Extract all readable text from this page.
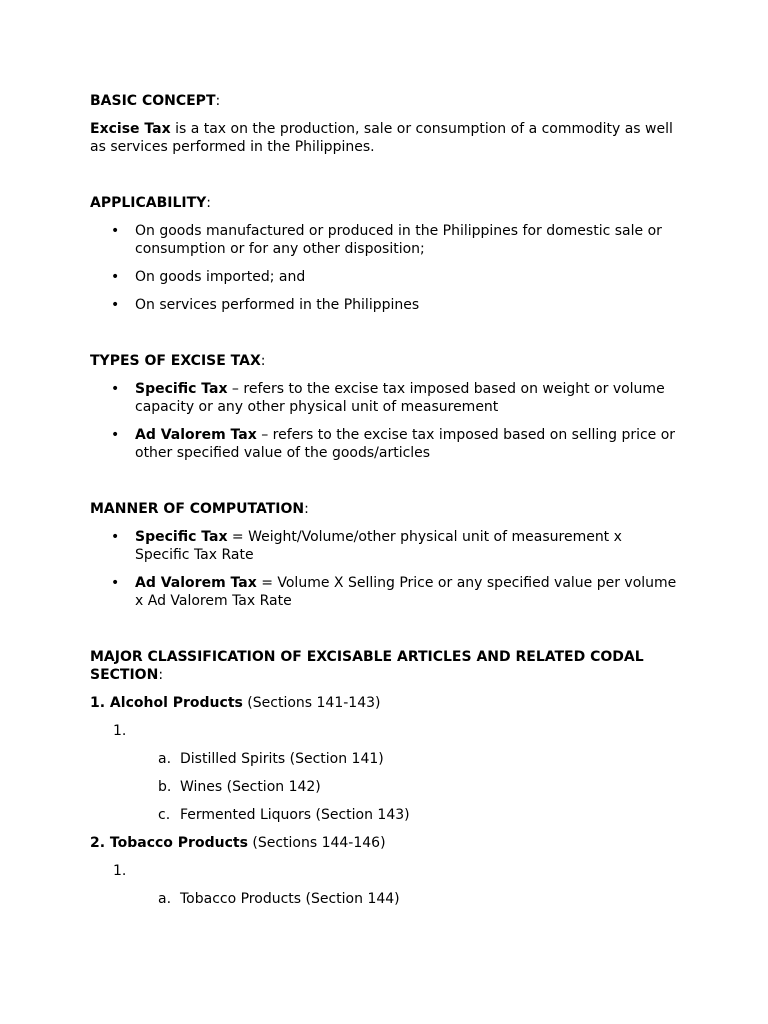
BASIC CONCEPT:

Excise Tax is a tax on the production, sale or consumption of a commodity as well as services performed in the Philippines.

APPLICABILITY:
• On goods manufactured or produced in the Philippines for domestic sale or consumption or for any other disposition;
• On goods imported; and
• On services performed in the Philippines
TYPES OF EXCISE TAX:
• Specific Tax – refers to the excise tax imposed based on weight or volume capacity or any other physical unit of measurement
• Ad Valorem Tax – refers to the excise tax imposed based on selling price or other specified value of the goods/articles
MANNER OF COMPUTATION:
• Specific Tax = Weight/Volume/other physical unit of measurement x Specific Tax Rate
• Ad Valorem Tax = Volume X Selling Price or any specified value per volume x Ad Valorem Tax Rate
MAJOR CLASSIFICATION OF EXCISABLE ARTICLES AND RELATED CODAL SECTION:
1. Alcohol Products (Sections 141-143)
1.
a. Distilled Spirits (Section 141)
b. Wines (Section 142)
c. Fermented Liquors (Section 143)
2. Tobacco Products (Sections 144-146)
1.
a. Tobacco Products (Section 144)
